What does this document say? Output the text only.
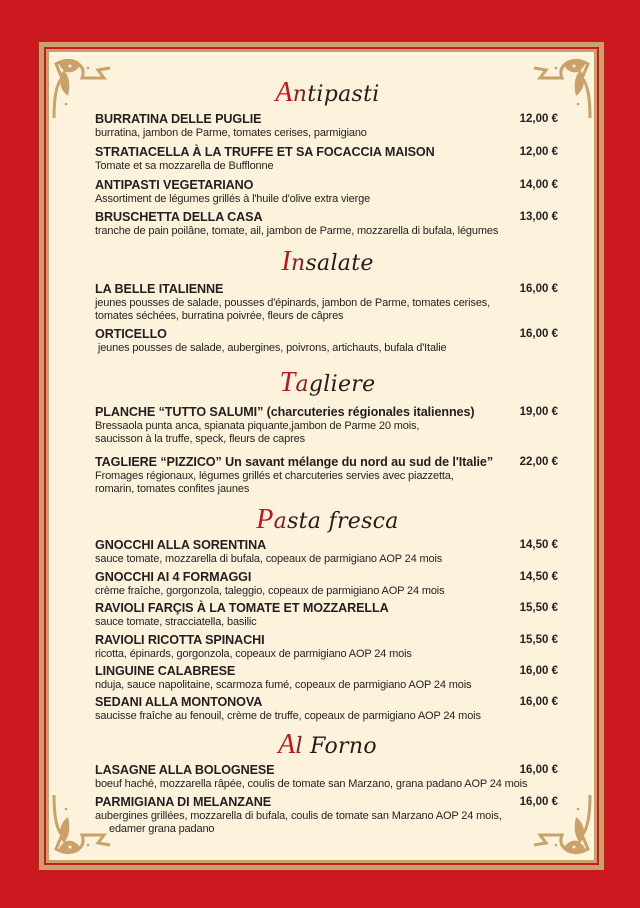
Antipasti
BURRATINA DELLE PUGLIE	12,00 €
burratina, jambon de Parme, tomates cerises, parmigiano
STRATIACELLA À LA TRUFFE ET SA FOCACCIA MAISON	12,00 €
Tomate et sa mozzarella de Bufflonne
ANTIPASTI VEGETARIANO	14,00 €
Assortiment de légumes grillés à l'huile d'olive extra vierge
BRUSCHETTA DELLA CASA	13,00 €
tranche de pain poilâne, tomate, ail, jambon de Parme, mozzarella di bufala, légumes
Insalate
LA BELLE ITALIENNE	16,00 €
jeunes pousses de salade, pousses d'épinards, jambon de Parme, tomates cerises, tomates séchées, burratina poivrée, fleurs de câpres
ORTICELLO	16,00 €
jeunes pousses de salade, aubergines, poivrons, artichauts, bufala d'Italie
Tagliere
PLANCHE “TUTTO SALUMI” (charcuteries régionales italiennes)	19,00 €
Bressaola punta anca, spianata piquante,jambon de Parme 20 mois, saucisson à la truffe, speck, fleurs de capres
TAGLIERE “PIZZICO” Un savant mélange du nord au sud de l'Italie”	22,00 €
Fromages régionaux, légumes grillés et charcuteries servies avec piazzetta, romarin, tomates confites jaunes
Pasta fresca
GNOCCHI ALLA SORENTINA	14,50 €
sauce tomate, mozzarella di bufala, copeaux de parmigiano AOP 24 mois
GNOCCHI AI 4 FORMAGGI	14,50 €
crème fraîche, gorgonzola, taleggio, copeaux de parmigiano AOP 24 mois
RAVIOLI FARÇIS À LA TOMATE ET MOZZARELLA	15,50 €
sauce tomate, stracciatella, basilic
RAVIOLI RICOTTA SPINACHI	15,50 €
ricotta, épinards, gorgonzola, copeaux de parmigiano AOP 24 mois
LINGUINE CALABRESE	16,00 €
nduja, sauce napolitaine, scarmoza fumé, copeaux de parmigiano AOP 24 mois
SEDANI ALLA MONTONOVA	16,00 €
saucisse fraîche au fenouil, crème de truffe, copeaux de parmigiano AOP 24 mois
Al Forno
LASAGNE ALLA BOLOGNESE	16,00 €
boeuf haché, mozzarella râpée, coulis de tomate san Marzano, grana padano AOP 24 mois
PARMIGIANA DI MELANZANE	16,00 €
aubergines grillées, mozzarella di bufala, coulis de tomate san Marzano AOP 24 mois,
edamer grana padano
